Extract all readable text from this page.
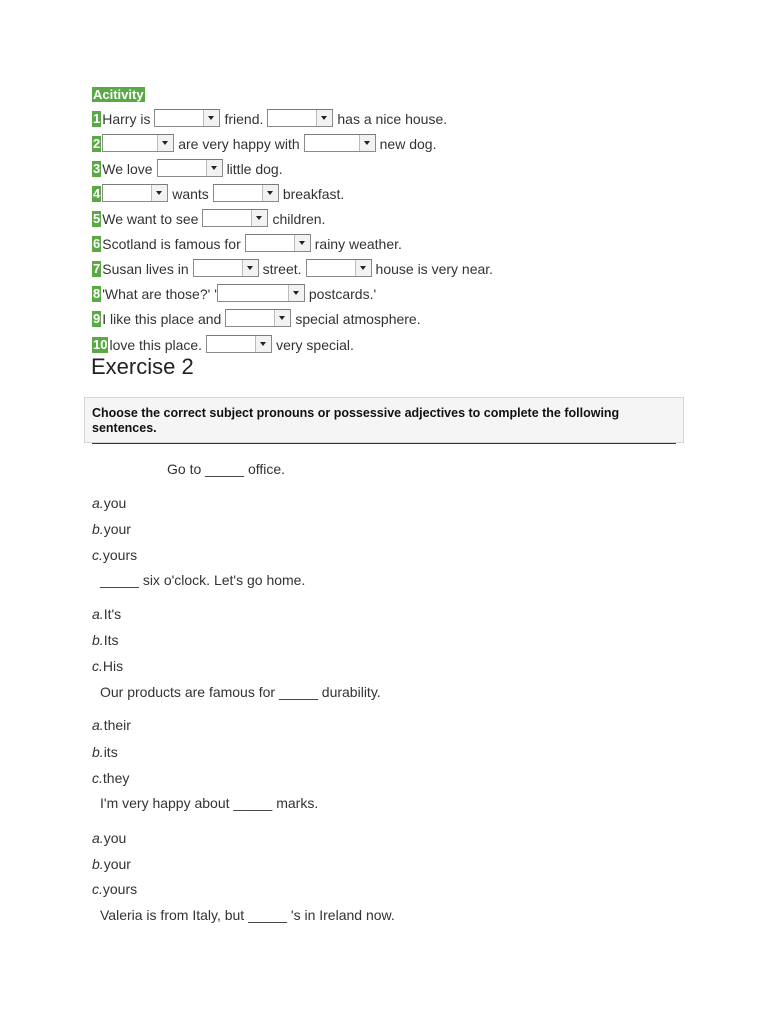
Acitivity
1 Harry is	friend.	has a nice house.
2	are very happy with	new dog.
3 We love	little dog.
4	wants	breakfast.
5 We want to see	children.
6 Scotland is famous for	rainy weather.
7 Susan lives in	street.	house is very near.
8 'What are those?' '	postcards.'
9 I like this place and	special atmosphere.
10 love this place.	very special.
Exercise 2
Choose the correct subject pronouns or possessive adjectives to complete the following sentences.
Go to _____ office.
a.you
b.your
c.yours
_____ six o'clock. Let's go home.
a.It's
b.Its
c.His
Our products are famous for _____ durability.
a.their
b.its
c.they
I'm very happy about _____ marks.
a.you
b.your
c.yours
Valeria is from Italy, but _____ 's in Ireland now.
